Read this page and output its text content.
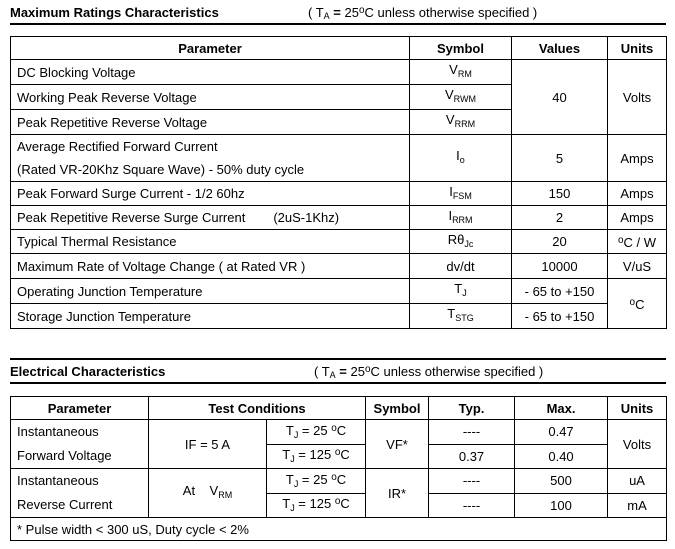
Maximum Ratings Characteristics	( TA = $25^oC$ unless otherwise specified )
Parameter	Symbol	Values	Units
DC Blocking Voltage	$V_{RM}$	40	Volts
Working Peak Reverse Voltage	$V_{RWM}$
Peak Repetitive Reverse Voltage	$V_{RRM}$

Average Rectified Forward Current
(Rated VR-20Khz Square Wave) - 50% duty cycle	$I_o$	5	Amps
Peak Forward Surge Current - 1/2 60hz	$I_{FSM}$	150	Amps
Peak Repetitive Reverse Surge Current (2uS-1Khz)	$I_{RRM}$	2	Amps
Typical Thermal Resistance	$R\theta_{Jc}$	20	$^o$C / W
Maximum Rate of Voltage Change ( at Rated VR )	dv/dt	10000	V/uS
Operating Junction Temperature	$T_J$	- 65 to +150	$^o$C
Storage Junction Temperature	$T_{STG}$	- 65 to +150	
Electrical Characteristics	( TA = $25^oC$ unless otherwise specified )
Parameter	Test Conditions		Symbol	Typ.	Max.	Units

Instantaneous
Forward Voltage	IF = 5 A	$T_J = 25$ $^o$C	VF*	----	0.47	Volts
		$T_J = 125$ $^o$C		0.37	0.40	

Instantaneous
Reverse Current	At $V_{RM}$	$T_J = 25$ $^o$C	IR*	----	500	uA
		$T_J = 125$ $^o$C		----	100	mA
* Pulse width < 300 uS, Duty cycle < 2%						
